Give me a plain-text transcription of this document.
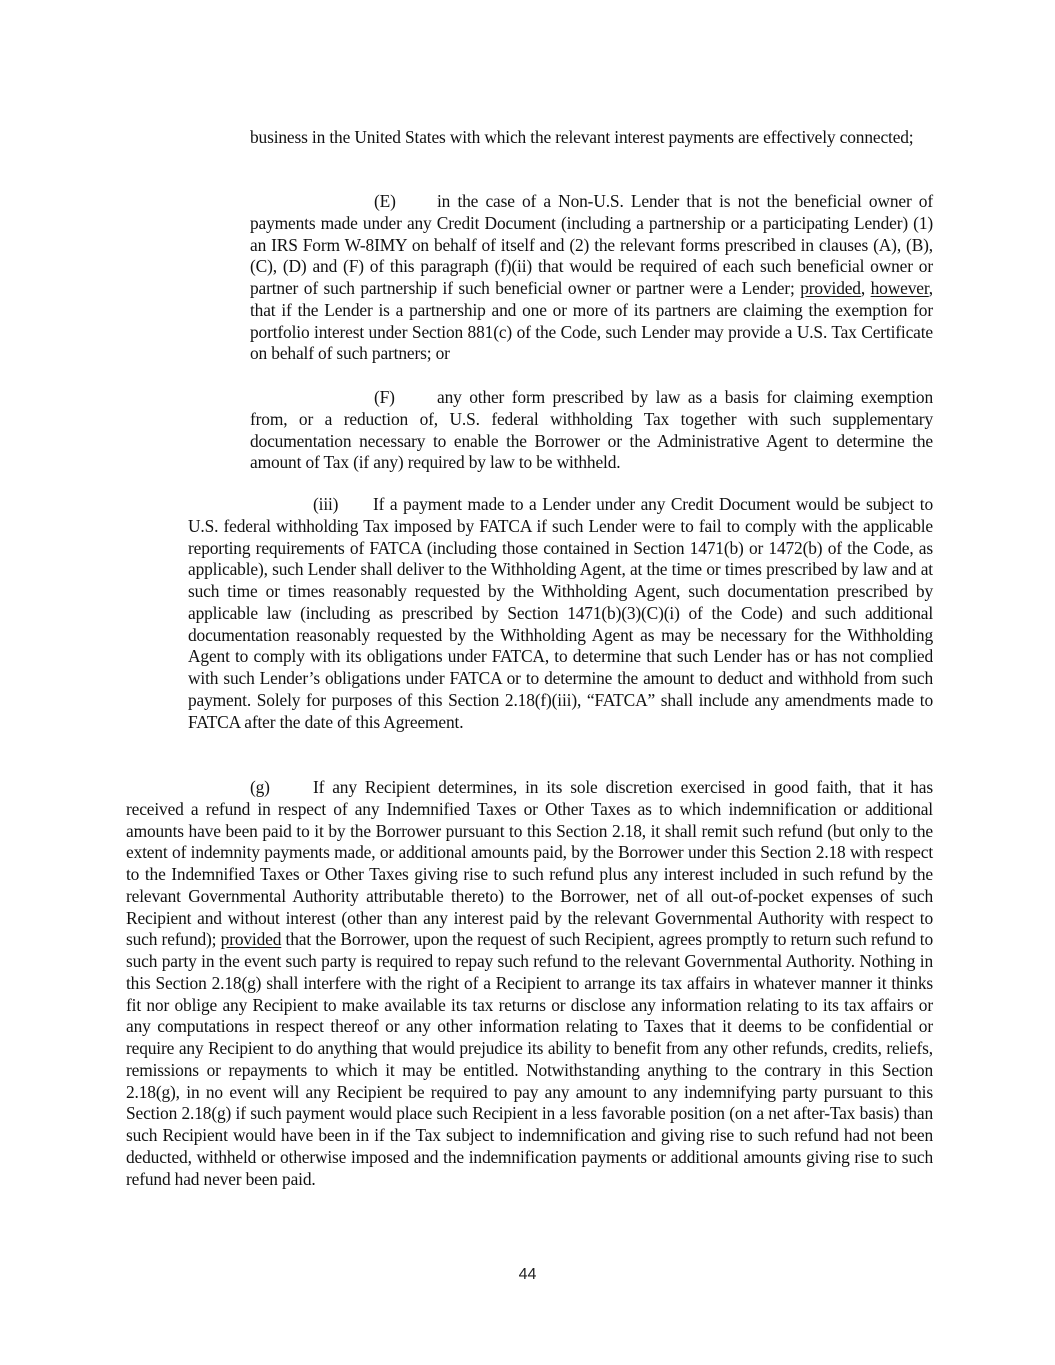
business in the United States with which the relevant interest payments are effectively connected;

(E) in the case of a Non-U.S. Lender that is not the beneficial owner of payments made under any Credit Document (including a partnership or a participating Lender) (1) an IRS Form W-8IMY on behalf of itself and (2) the relevant forms prescribed in clauses (A), (B), (C), (D) and (F) of this paragraph (f)(ii) that would be required of each such beneficial owner or partner of such partnership if such beneficial owner or partner were a Lender; provided, however, that if the Lender is a partnership and one or more of its partners are claiming the exemption for portfolio interest under Section 881(c) of the Code, such Lender may provide a U.S. Tax Certificate on behalf of such partners; or

(F) any other form prescribed by law as a basis for claiming exemption from, or a reduction of, U.S. federal withholding Tax together with such supplementary documentation necessary to enable the Borrower or the Administrative Agent to determine the amount of Tax (if any) required by law to be withheld.

(iii) If a payment made to a Lender under any Credit Document would be subject to U.S. federal withholding Tax imposed by FATCA if such Lender were to fail to comply with the applicable reporting requirements of FATCA (including those contained in Section 1471(b) or 1472(b) of the Code, as applicable), such Lender shall deliver to the Withholding Agent, at the time or times prescribed by law and at such time or times reasonably requested by the Withholding Agent, such documentation prescribed by applicable law (including as prescribed by Section 1471(b)(3)(C)(i) of the Code) and such additional documentation reasonably requested by the Withholding Agent as may be necessary for the Withholding Agent to comply with its obligations under FATCA, to determine that such Lender has or has not complied with such Lender’s obligations under FATCA or to determine the amount to deduct and withhold from such payment. Solely for purposes of this Section 2.18(f)(iii), “FATCA” shall include any amendments made to FATCA after the date of this Agreement.

(g) If any Recipient determines, in its sole discretion exercised in good faith, that it has received a refund in respect of any Indemnified Taxes or Other Taxes as to which indemnification or additional amounts have been paid to it by the Borrower pursuant to this Section 2.18, it shall remit such refund (but only to the extent of indemnity payments made, or additional amounts paid, by the Borrower under this Section 2.18 with respect to the Indemnified Taxes or Other Taxes giving rise to such refund plus any interest included in such refund by the relevant Governmental Authority attributable thereto) to the Borrower, net of all out-of-pocket expenses of such Recipient and without interest (other than any interest paid by the relevant Governmental Authority with respect to such refund); provided that the Borrower, upon the request of such Recipient, agrees promptly to return such refund to such party in the event such party is required to repay such refund to the relevant Governmental Authority. Nothing in this Section 2.18(g) shall interfere with the right of a Recipient to arrange its tax affairs in whatever manner it thinks fit nor oblige any Recipient to make available its tax returns or disclose any information relating to its tax affairs or any computations in respect thereof or any other information relating to Taxes that it deems to be confidential or require any Recipient to do anything that would prejudice its ability to benefit from any other refunds, credits, reliefs, remissions or repayments to which it may be entitled. Notwithstanding anything to the contrary in this Section 2.18(g), in no event will any Recipient be required to pay any amount to any indemnifying party pursuant to this Section 2.18(g) if such payment would place such Recipient in a less favorable position (on a net after-Tax basis) than such Recipient would have been in if the Tax subject to indemnification and giving rise to such refund had not been deducted, withheld or otherwise imposed and the indemnification payments or additional amounts giving rise to such refund had never been paid.

44
